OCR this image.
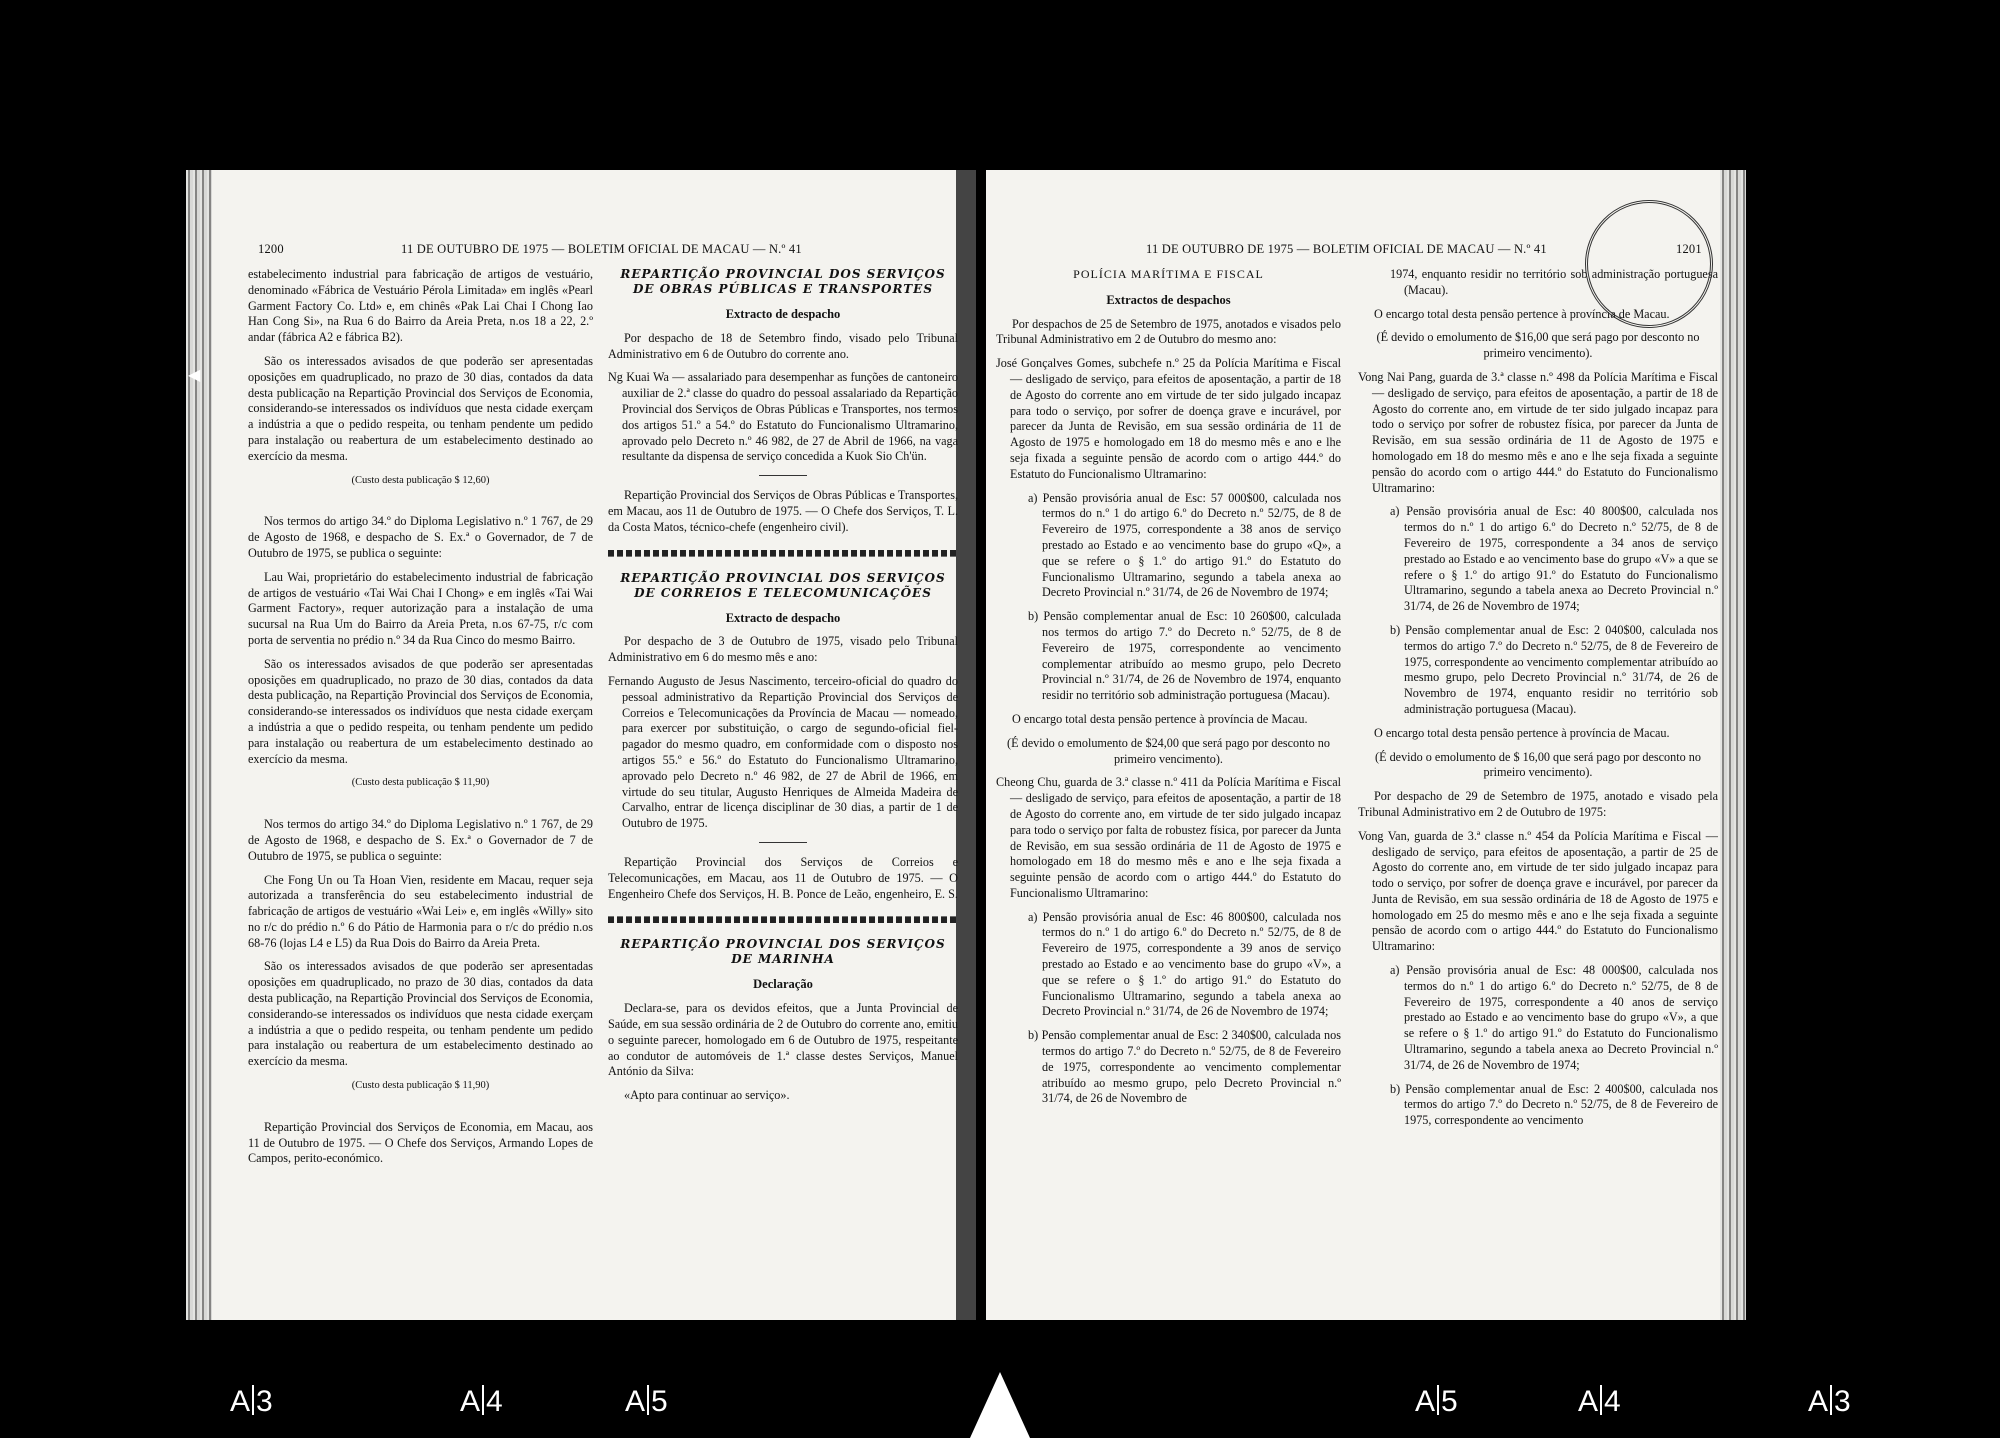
1200	11 DE OUTUBRO DE 1975 — BOLETIM OFICIAL DE MACAU — N.º 41

estabelecimento industrial para fabricação de artigos de vestuário, denominado «Fábrica de Vestuário Pérola Limitada» em inglês «Pearl Garment Factory Co. Ltd» e, em chinês «Pak Lai Chai I Chong Iao Han Cong Si», na Rua 6 do Bairro da Areia Preta, n.os 18 a 22, 2.º andar (fábrica A2 e fábrica B2).

São os interessados avisados de que poderão ser apresentadas oposições em quadruplicado, no prazo de 30 dias, contados da data desta publicação na Repartição Provincial dos Serviços de Economia, considerando-se interessados os indivíduos que nesta cidade exerçam a indústria a que o pedido respeita, ou tenham pendente um pedido para instalação ou reabertura de um estabelecimento destinado ao exercício da mesma.

(Custo desta publicação $ 12,60)

Nos termos do artigo 34.º do Diploma Legislativo n.º 1 767, de 29 de Agosto de 1968, e despacho de S. Ex.ª o Governador, de 7 de Outubro de 1975, se publica o seguinte:

Lau Wai, proprietário do estabelecimento industrial de fabricação de artigos de vestuário «Tai Wai Chai I Chong» e em inglês «Tai Wai Garment Factory», requer autorização para a instalação de uma sucursal na Rua Um do Bairro da Areia Preta, n.os 67-75, r/c com porta de serventia no prédio n.º 34 da Rua Cinco do mesmo Bairro.

São os interessados avisados de que poderão ser apresentadas oposições em quadruplicado, no prazo de 30 dias, contados da data desta publicação, na Repartição Provincial dos Serviços de Economia, considerando-se interessados os indivíduos que nesta cidade exerçam a indústria a que o pedido respeita, ou tenham pendente um pedido para instalação ou reabertura de um estabelecimento destinado ao exercício da mesma.

(Custo desta publicação $ 11,90)

Nos termos do artigo 34.º do Diploma Legislativo n.º 1 767, de 29 de Agosto de 1968, e despacho de S. Ex.ª o Governador de 7 de Outubro de 1975, se publica o seguinte:

Che Fong Un ou Ta Hoan Vien, residente em Macau, requer seja autorizada a transferência do seu estabelecimento industrial de fabricação de artigos de vestuário «Wai Lei» e, em inglês «Willy» sito no r/c do prédio n.º 6 do Pátio de Harmonia para o r/c do prédio n.os 68-76 (lojas L4 e L5) da Rua Dois do Bairro da Areia Preta.

São os interessados avisados de que poderão ser apresentadas oposições em quadruplicado, no prazo de 30 dias, contados da data desta publicação, na Repartição Provincial dos Serviços de Economia, considerando-se interessados os indivíduos que nesta cidade exerçam a indústria a que o pedido respeita, ou tenham pendente um pedido para instalação ou reabertura de um estabelecimento destinado ao exercício da mesma.

(Custo desta publicação $ 11,90)

Repartição Provincial dos Serviços de Economia, em Macau, aos 11 de Outubro de 1975. — O Chefe dos Serviços, Armando Lopes de Campos, perito-económico.

REPARTIÇÃO PROVINCIAL DOS SERVIÇOS DE OBRAS PÚBLICAS E TRANSPORTES
Extracto de despacho

Por despacho de 18 de Setembro findo, visado pelo Tribunal Administrativo em 6 de Outubro do corrente ano.

Ng Kuai Wa — assalariado para desempenhar as funções de cantoneiro auxiliar de 2.ª classe do quadro do pessoal assalariado da Repartição Provincial dos Serviços de Obras Públicas e Transportes, nos termos dos artigos 51.º a 54.º do Estatuto do Funcionalismo Ultramarino, aprovado pelo Decreto n.º 46 982, de 27 de Abril de 1966, na vaga resultante da dispensa de serviço concedida a Kuok Sio Ch'ün.

Repartição Provincial dos Serviços de Obras Públicas e Transportes, em Macau, aos 11 de Outubro de 1975. — O Chefe dos Serviços, T. L. da Costa Matos, técnico-chefe (engenheiro civil).

REPARTIÇÃO PROVINCIAL DOS SERVIÇOS DE CORREIOS E TELECOMUNICAÇÕES
Extracto de despacho

Por despacho de 3 de Outubro de 1975, visado pelo Tribunal Administrativo em 6 do mesmo mês e ano:

Fernando Augusto de Jesus Nascimento, terceiro-oficial do quadro do pessoal administrativo da Repartição Provincial dos Serviços de Correios e Telecomunicações da Província de Macau — nomeado, para exercer por substituição, o cargo de segundo-oficial fiel-pagador do mesmo quadro, em conformidade com o disposto nos artigos 55.º e 56.º do Estatuto do Funcionalismo Ultramarino, aprovado pelo Decreto n.º 46 982, de 27 de Abril de 1966, em virtude do seu titular, Augusto Henriques de Almeida Madeira de Carvalho, entrar de licença disciplinar de 30 dias, a partir de 1 de Outubro de 1975.

Repartição Provincial dos Serviços de Correios e Telecomunicações, em Macau, aos 11 de Outubro de 1975. — O Engenheiro Chefe dos Serviços, H. B. Ponce de Leão, engenheiro, E. S.

REPARTIÇÃO PROVINCIAL DOS SERVIÇOS DE MARINHA
Declaração

Declara-se, para os devidos efeitos, que a Junta Provincial de Saúde, em sua sessão ordinária de 2 de Outubro do corrente ano, emitiu o seguinte parecer, homologado em 6 de Outubro de 1975, respeitante ao condutor de automóveis de 1.ª classe destes Serviços, Manuel António da Silva:

«Apto para continuar ao serviço».

11 DE OUTUBRO DE 1975 — BOLETIM OFICIAL DE MACAU — N.º 41	1201
POLÍCIA MARÍTIMA E FISCAL
Extractos de despachos

Por despachos de 25 de Setembro de 1975, anotados e visados pelo Tribunal Administrativo em 2 de Outubro do mesmo ano:

José Gonçalves Gomes, subchefe n.º 25 da Polícia Marítima e Fiscal — desligado de serviço, para efeitos de aposentação, a partir de 18 de Agosto do corrente ano em virtude de ter sido julgado incapaz para todo o serviço, por sofrer de doença grave e incurável, por parecer da Junta de Revisão, em sua sessão ordinária de 11 de Agosto de 1975 e homologado em 18 do mesmo mês e ano e lhe seja fixada a seguinte pensão de acordo com o artigo 444.º do Estatuto do Funcionalismo Ultramarino:

a) Pensão provisória anual de Esc: 57 000$00, calculada nos termos do n.º 1 do artigo 6.º do Decreto n.º 52/75, de 8 de Fevereiro de 1975, correspondente a 38 anos de serviço prestado ao Estado e ao vencimento base do grupo «Q», a que se refere o § 1.º do artigo 91.º do Estatuto do Funcionalismo Ultramarino, segundo a tabela anexa ao Decreto Provincial n.º 31/74, de 26 de Novembro de 1974;

b) Pensão complementar anual de Esc: 10 260$00, calculada nos termos do artigo 7.º do Decreto n.º 52/75, de 8 de Fevereiro de 1975, correspondente ao vencimento complementar atribuído ao mesmo grupo, pelo Decreto Provincial n.º 31/74, de 26 de Novembro de 1974, enquanto residir no território sob administração portuguesa (Macau).

O encargo total desta pensão pertence à província de Macau.

(É devido o emolumento de $24,00 que será pago por desconto no primeiro vencimento).

Cheong Chu, guarda de 3.ª classe n.º 411 da Polícia Marítima e Fiscal — desligado de serviço, para efeitos de aposentação, a partir de 18 de Agosto do corrente ano, em virtude de ter sido julgado incapaz para todo o serviço por falta de robustez física, por parecer da Junta de Revisão, em sua sessão ordinária de 11 de Agosto de 1975 e homologado em 18 do mesmo mês e ano e lhe seja fixada a seguinte pensão de acordo com o artigo 444.º do Estatuto do Funcionalismo Ultramarino:

a) Pensão provisória anual de Esc: 46 800$00, calculada nos termos do n.º 1 do artigo 6.º do Decreto n.º 52/75, de 8 de Fevereiro de 1975, correspondente a 39 anos de serviço prestado ao Estado e ao vencimento base do grupo «V», a que se refere o § 1.º do artigo 91.º do Estatuto do Funcionalismo Ultramarino, segundo a tabela anexa ao Decreto Provincial n.º 31/74, de 26 de Novembro de 1974;

b) Pensão complementar anual de Esc: 2 340$00, calculada nos termos do artigo 7.º do Decreto n.º 52/75, de 8 de Fevereiro de 1975, correspondente ao vencimento complementar atribuído ao mesmo grupo, pelo Decreto Provincial n.º 31/74, de 26 de Novembro de

1974, enquanto residir no território sob administração portuguesa (Macau).

O encargo total desta pensão pertence à província de Macau.

(É devido o emolumento de $16,00 que será pago por desconto no primeiro vencimento).

Vong Nai Pang, guarda de 3.ª classe n.º 498 da Polícia Marítima e Fiscal — desligado de serviço, para efeitos de aposentação, a partir de 18 de Agosto do corrente ano, em virtude de ter sido julgado incapaz para todo o serviço por sofrer de robustez física, por parecer da Junta de Revisão, em sua sessão ordinária de 11 de Agosto de 1975 e homologado em 18 do mesmo mês e ano e lhe seja fixada a seguinte pensão do acordo com o artigo 444.º do Estatuto do Funcionalismo Ultramarino:

a) Pensão provisória anual de Esc: 40 800$00, calculada nos termos do n.º 1 do artigo 6.º do Decreto n.º 52/75, de 8 de Fevereiro de 1975, correspondente a 34 anos de serviço prestado ao Estado e ao vencimento base do grupo «V» a que se refere o § 1.º do artigo 91.º do Estatuto do Funcionalismo Ultramarino, segundo a tabela anexa ao Decreto Provincial n.º 31/74, de 26 de Novembro de 1974;

b) Pensão complementar anual de Esc: 2 040$00, calculada nos termos do artigo 7.º do Decreto n.º 52/75, de 8 de Fevereiro de 1975, correspondente ao vencimento complementar atribuído ao mesmo grupo, pelo Decreto Provincial n.º 31/74, de 26 de Novembro de 1974, enquanto residir no território sob administração portuguesa (Macau).

O encargo total desta pensão pertence à província de Macau.

(É devido o emolumento de $ 16,00 que será pago por desconto no primeiro vencimento).

Por despacho de 29 de Setembro de 1975, anotado e visado pela Tribunal Administrativo em 2 de Outubro de 1975:

Vong Van, guarda de 3.ª classe n.º 454 da Polícia Marítima e Fiscal — desligado de serviço, para efeitos de aposentação, a partir de 25 de Agosto do corrente ano, em virtude de ter sido julgado incapaz para todo o serviço, por sofrer de doença grave e incurável, por parecer da Junta de Revisão, em sua sessão ordinária de 18 de Agosto de 1975 e homologado em 25 do mesmo mês e ano e lhe seja fixada a seguinte pensão de acordo com o artigo 444.º do Estatuto do Funcionalismo Ultramarino:

a) Pensão provisória anual de Esc: 48 000$00, calculada nos termos do n.º 1 do artigo 6.º do Decreto n.º 52/75, de 8 de Fevereiro de 1975, correspondente a 40 anos de serviço prestado ao Estado e ao vencimento base do grupo «V», a que se refere o § 1.º do artigo 91.º do Estatuto do Funcionalismo Ultramarino, segundo a tabela anexa ao Decreto Provincial n.º 31/74, de 26 de Novembro de 1974;

b) Pensão complementar anual de Esc: 2 400$00, calculada nos termos do artigo 7.º do Decreto n.º 52/75, de 8 de Fevereiro de 1975, correspondente ao vencimento

◀
A 3	A 4	A 5	A 5	A 4	A 3
